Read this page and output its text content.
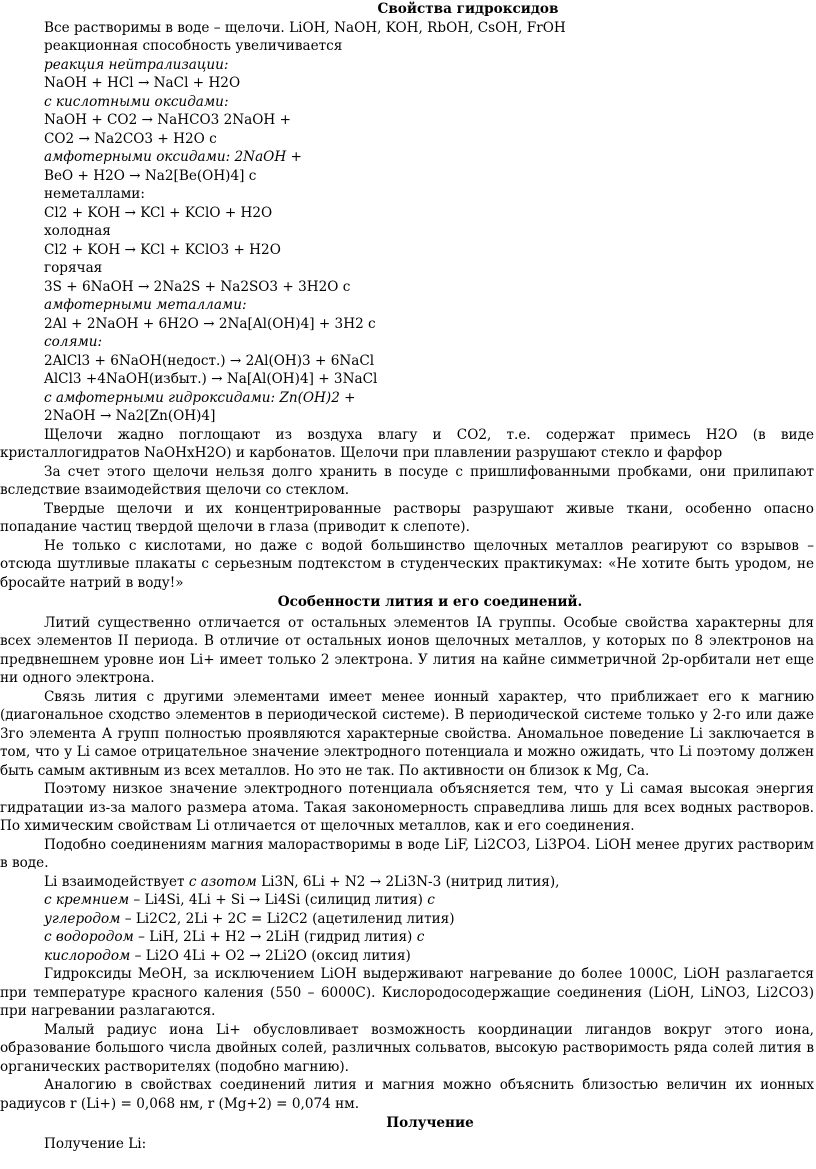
Свойства гидроксидов

Все растворимы в воде – щелочи. LiOH, NaOH, KOH, RbOH, CsOH, FrOH

реакционная способность увеличивается

реакция нейтрализации:

NaOH + HCl → NaCl + H2O

с кислотными оксидами:

NaOH + CO2 → NaHCO3 2NaOH +

CO2 → Na2CO3 + H2O с

амфотерными оксидами: 2NaOH +

BeO + H2O → Na2[Be(OH)4] с

неметаллами:

Cl2 + KOH → KCl + KClO + H2O

холодная

Cl2 + KOH → KCl + KClO3 + H2O

горячая

3S + 6NaOH → 2Na2S + Na2SO3 + 3H2O с

амфотерными металлами:

2Al + 2NaOH + 6H2O → 2Na[Al(OH)4] + 3H2 с

солями:

2AlCl3 + 6NaOH(недост.) → 2Al(OH)3 + 6NaCl

AlCl3 +4NaOH(избыт.) → Na[Al(OH)4] + 3NaCl

с амфотерными гидроксидами: Zn(OH)2 +

2NaOH → Na2[Zn(OH)4]

Щелочи жадно поглощают из воздуха влагу и CO2, т.е. содержат примесь H2O (в виде кристаллогидратов NaOHxH2O) и карбонатов. Щелочи при плавлении разрушают стекло и фарфор

За счет этого щелочи нельзя долго хранить в посуде с пришлифованными пробками, они прилипают вследствие взаимодействия щелочи со стеклом.

Твердые щелочи и их концентрированные растворы разрушают живые ткани, особенно опасно попадание частиц твердой щелочи в глаза (приводит к слепоте).

Не только с кислотами, но даже с водой большинство щелочных металлов реагируют со взрывов – отсюда шутливые плакаты с серьезным подтекстом в студенческих практикумах: «Не хотите быть уродом, не бросайте натрий в воду!»

Особенности лития и его соединений.

Литий существенно отличается от остальных элементов IA группы. Особые свойства характерны для всех элементов II периода. В отличие от остальных ионов щелочных металлов, у которых по 8 электронов на предвнешнем уровне ион Li+ имеет только 2 электрона. У лития на кайне симметричной 2р-орбитали нет еще ни одного электрона.

Связь лития с другими элементами имеет менее ионный характер, что приближает его к магнию (диагональное сходство элементов в периодической системе). В периодической системе только у 2-го или даже 3го элемента А групп полностью проявляются характерные свойства. Аномальное поведение Li заключается в том, что у Li самое отрицательное значение электродного потенциала и можно ожидать, что Li поэтому должен быть самым активным из всех металлов. Но это не так. По активности он близок к Mg, Ca.

Поэтому низкое значение электродного потенциала объясняется тем, что у Li самая высокая энергия гидратации из-за малого размера атома. Такая закономерность справедлива лишь для всех водных растворов. По химическим свойствам Li отличается от щелочных металлов, как и его соединения.

Подобно соединениям магния малорастворимы в воде LiF, Li2CO3, Li3PO4. LiOH менее других растворим в воде.

Li взаимодействует с азотом Li3N, 6Li + N2 → 2Li3N-3 (нитрид лития),

с кремнием – Li4Si, 4Li + Si → Li4Si (силицид лития) с

углеродом – Li2C2, 2Li + 2C = Li2C2 (ацетиленид лития)

с водородом – LiH, 2Li + H2 → 2LiH (гидрид лития) с

кислородом – Li2O 4Li + O2 → 2Li2O (оксид лития)

Гидроксиды MeOH, за исключением LiOH выдерживают нагревание до более 1000C, LiOH разлагается при температуре красного каления (550 – 6000C). Кислородосодержащие соединения (LiOH, LiNO3, Li2CO3) при нагревании разлагаются.

Малый радиус иона Li+ обусловливает возможность координации лигандов вокруг этого иона, образование большого числа двойных солей, различных сольватов, высокую растворимость ряда солей лития в органических растворителях (подобно магнию).

Аналогию в свойствах соединений лития и магния можно объяснить близостью величин их ионных радиусов r (Li+) = 0,068 нм, r (Mg+2) = 0,074 нм.

Получение

Получение Li:
